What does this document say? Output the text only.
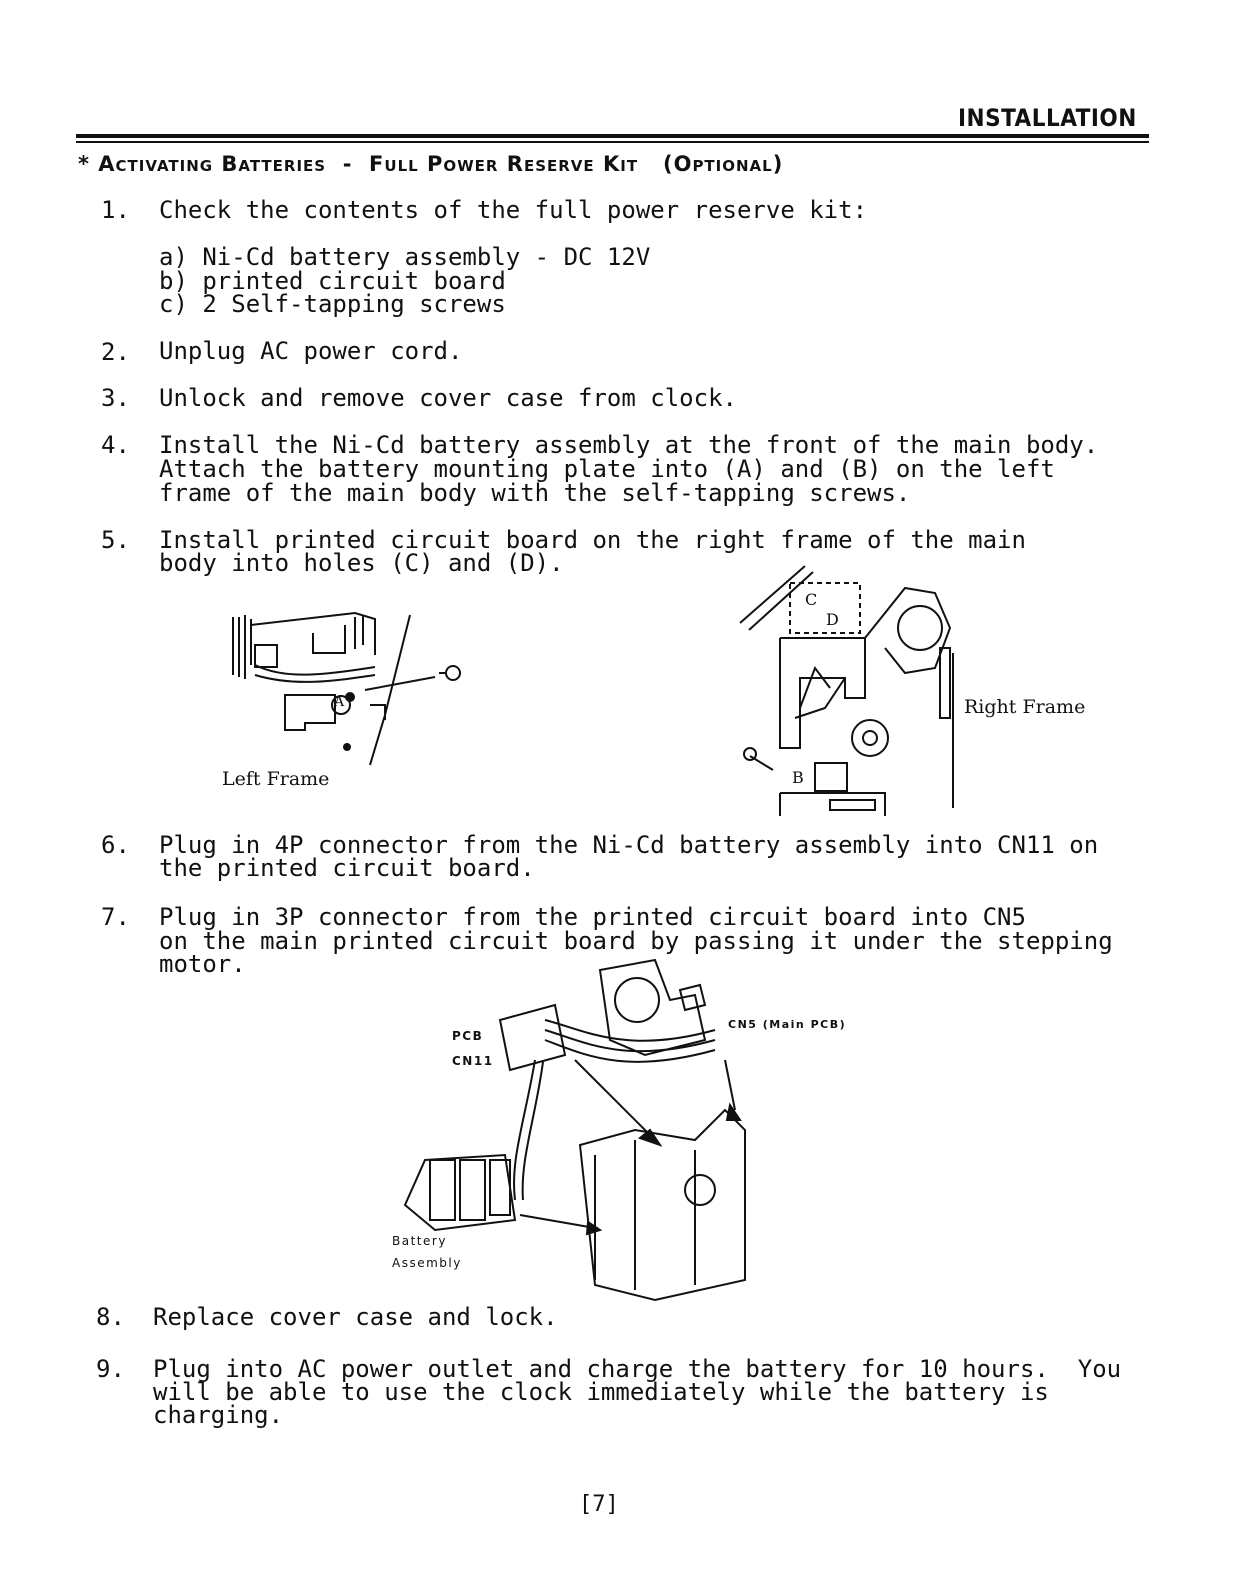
INSTALLATION
* Activating Batteries  -  Full Power Reserve Kit   (Optional)
1. Check the contents of the full power reserve kit:
a) Ni-Cd battery assembly - DC 12V
b) printed circuit board
c) 2 Self-tapping screws
2. Unplug AC power cord.
3. Unlock and remove cover case from clock.
4. Install the Ni-Cd battery assembly at the front of the main body.
Attach the battery mounting plate into (A) and (B) on the left
frame of the main body with the self-tapping screws.
5. Install printed circuit board on the right frame of the main
body into holes (C) and (D).
A
Left Frame
C
D
B
Right Frame
6. Plug in 4P connector from the Ni-Cd battery assembly into CN11 on
the printed circuit board.
7. Plug in 3P connector from the printed circuit board into CN5
on the main printed circuit board by passing it under the stepping
motor.
PCB
CN11
CN5 (Main PCB)
Battery
Assembly
8. Replace cover case and lock.
9. Plug into AC power outlet and charge the battery for 10 hours.  You
will be able to use the clock immediately while the battery is
charging.
[7]
